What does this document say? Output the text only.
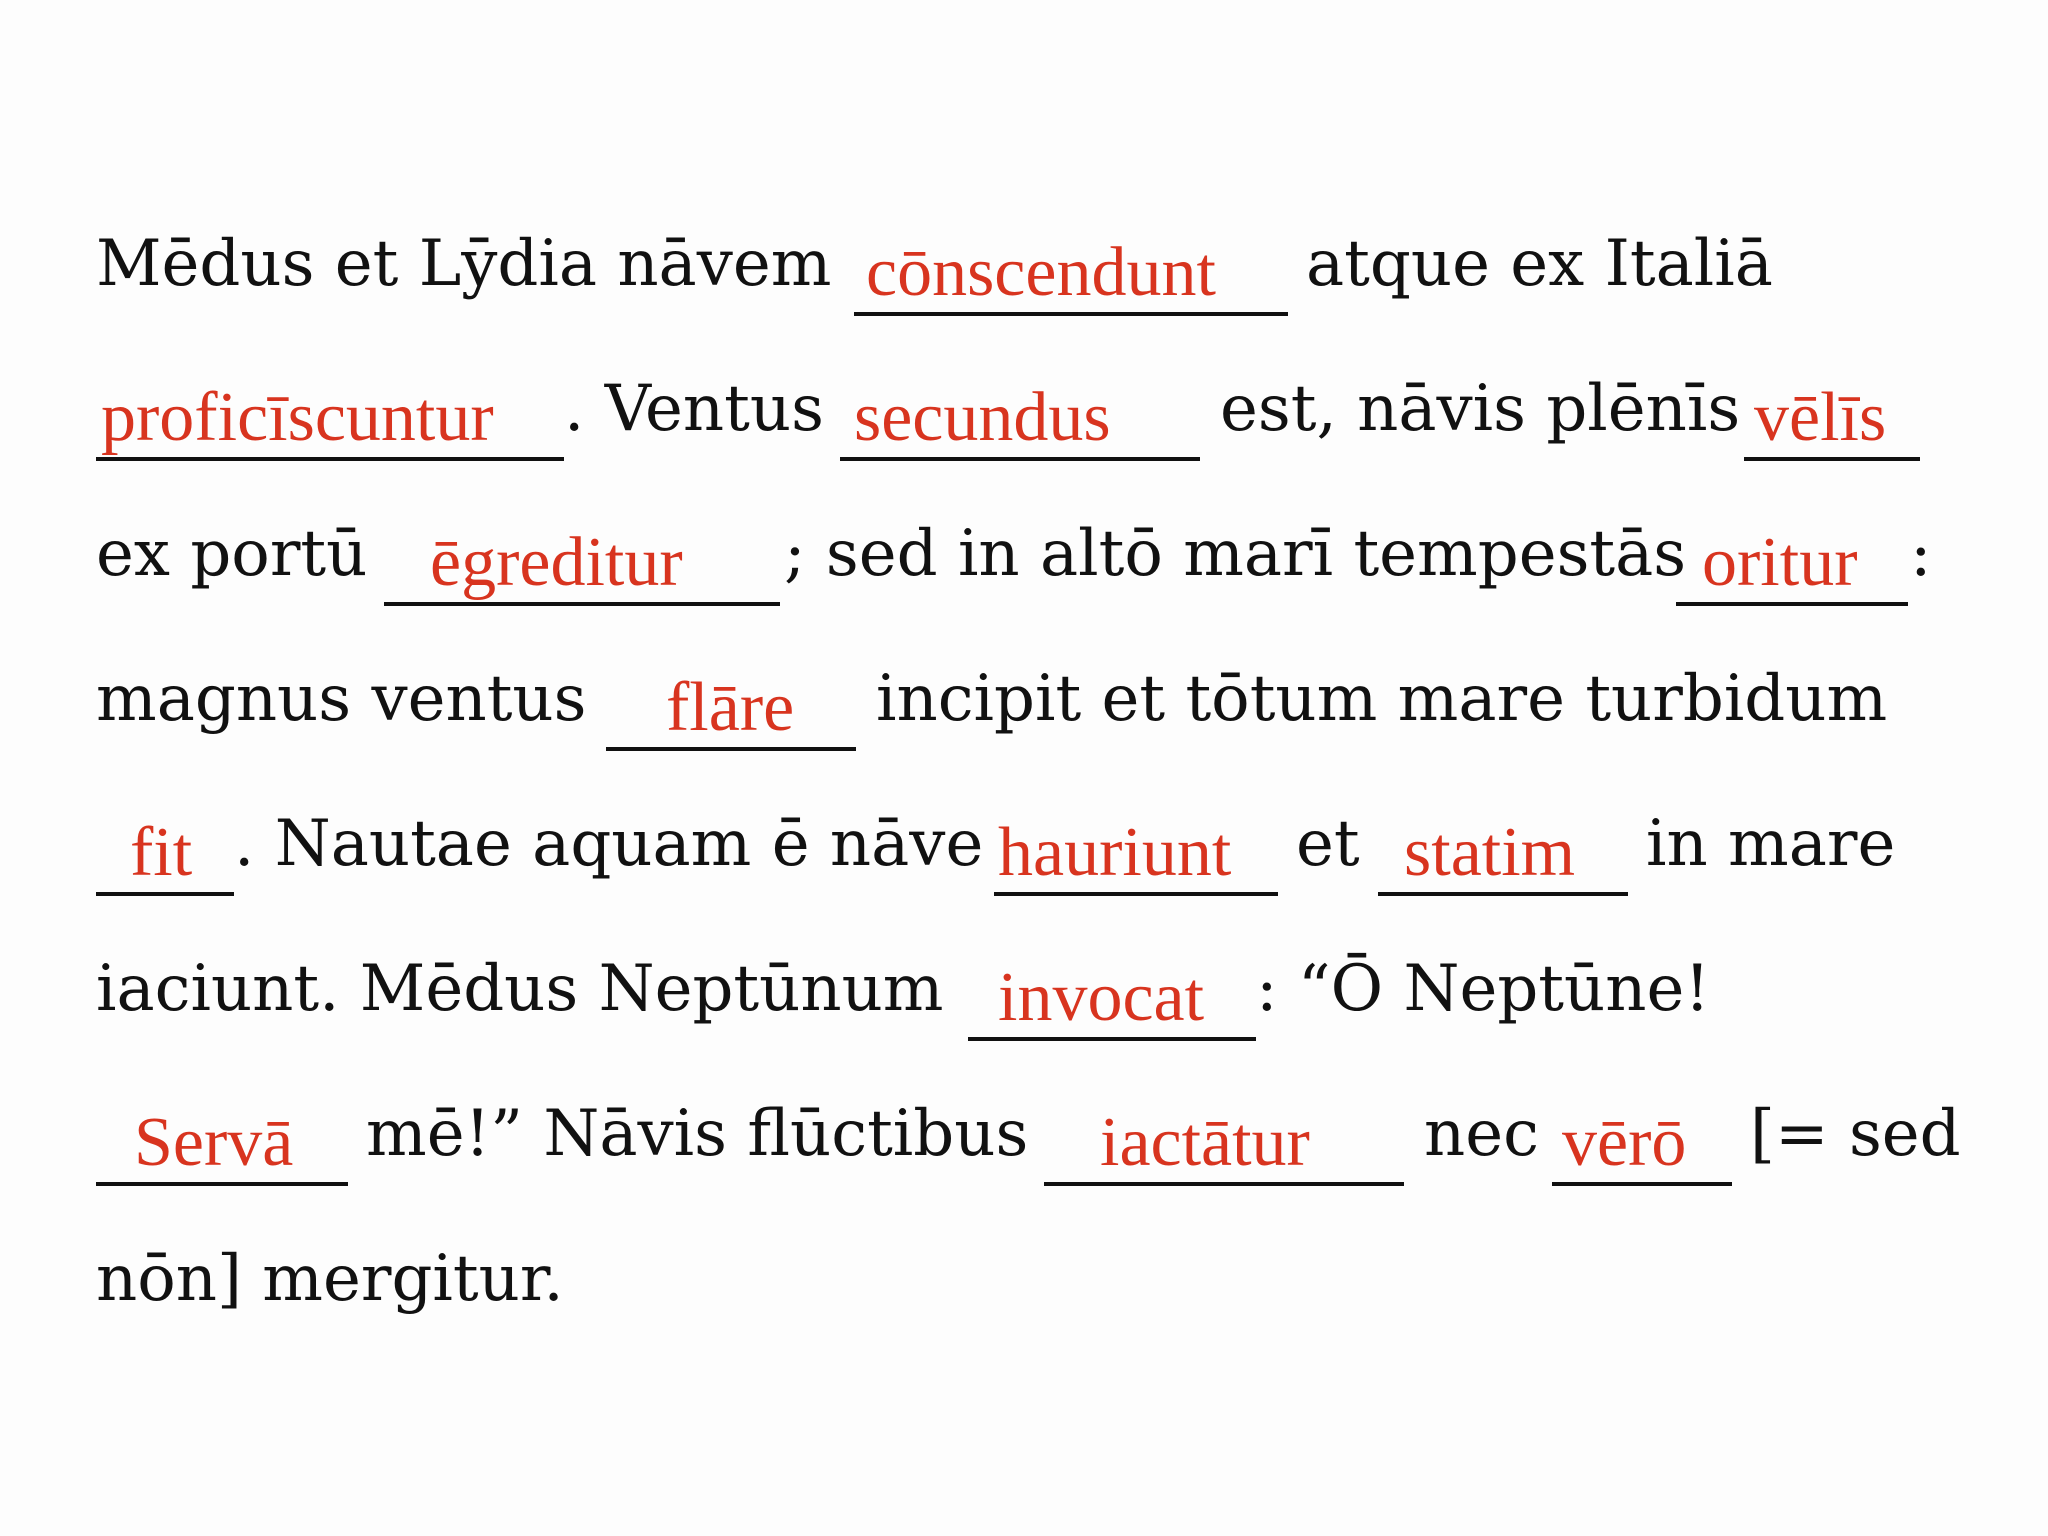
Mēdus et Lȳdia nāvem cōnscendunt atque ex Italiā
proficīscuntur . Ventus secundus est, nāvis plēnīs vēlīs
ex portū ēgreditur ; sed in altō marī tempestās oritur :
magnus ventus flāre incipit et tōtum mare turbidum
fit . Nautae aquam ē nāve hauriunt et statim in mare
iaciunt. Mēdus Neptūnum invocat : “Ō Neptūne!
Servā mē!” Nāvis flūctibus iactātur nec vērō [= sed
nōn] mergitur.
